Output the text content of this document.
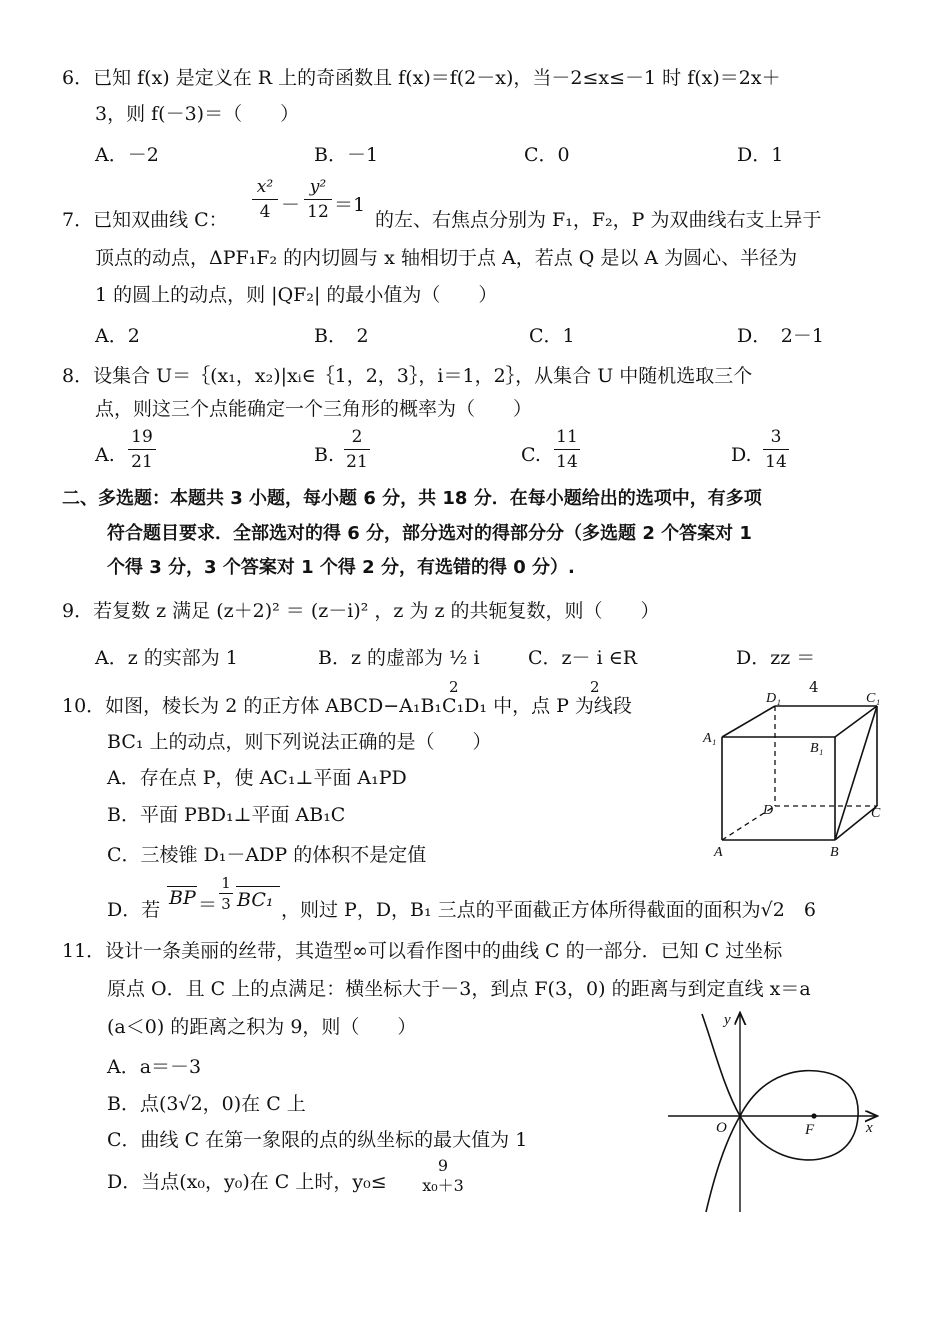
6．已知 f(x) 是定义在 R 上的奇函数且 f(x)＝f(2－x)，当－2≤x≤－1 时 f(x)＝2x＋
3，则 f(－3)＝（　　）
A．－2	B．－1	C．0	D．1
7．已知双曲线 C：
x²
4 －
y²
12 ＝1
的左、右焦点分别为 F₁，F₂，P 为双曲线右支上异于
顶点的动点，ΔPF₁F₂ 的内切圆与 x 轴相切于点 A，若点 Q 是以 A 为圆心、半径为
1 的圆上的动点，则 |QF₂| 的最小值为（　　）
A．2	B．　2	C．1	D．　2－1
8．设集合 U＝｛(x₁，x₂)|xᵢ∈｛1，2，3｝，i＝1，2｝，从集合 U 中随机选取三个
点，则这三个点能确定一个三角形的概率为（　　）
A.
19
21	B.
2
21	C.
11
14	D.
3
14
二、多选题：本题共 3 小题，每小题 6 分，共 18 分．在每小题给出的选项中，有多项
符合题目要求．全部选对的得 6 分，部分选对的得部分分（多选题 2 个答案对 1
个得 3 分，3 个答案对 1 个得 2 分，有选错的得 0 分）.
9．若复数 z 满足 (z＋2)² ＝ (z－i)² ，z 为 z 的共轭复数，则（　　）
A．z 的实部为 1	B．z 的虚部为 ½ i	C．z－ i ∈R	D．zz ＝
2	2	4
10．如图，棱长为 2 的正方体 ABCD−A₁B₁C₁D₁ 中，点 P 为线段
BC₁ 上的动点，则下列说法正确的是（　　）
A．存在点 P，使 AC₁⊥平面 A₁PD
B．平面 PBD₁⊥平面 AB₁C
C．三棱锥 D₁－ADP 的体积不是定值
D．若
BP ＝
1
3 BC₁ ，则过 P，D，B₁ 三点的平面截正方体所得截面的面积为√2　6
A	B
C
D
A₁
B₁
C₁
D₁
11．设计一条美丽的丝带，其造型∞可以看作图中的曲线 C 的一部分．已知 C 过坐标
原点 O．且 C 上的点满足：横坐标大于－3，到点 F(3，0) 的距离与到定直线 x＝a
(a＜0) 的距离之积为 9，则（　　）
A．a＝－3
B．点(3√2，0)在 C 上
C．曲线 C 在第一象限的点的纵坐标的最大值为 1
D．当点(x₀，y₀)在 C 上时，y₀≤
9
x₀＋3
y
x
O	F
